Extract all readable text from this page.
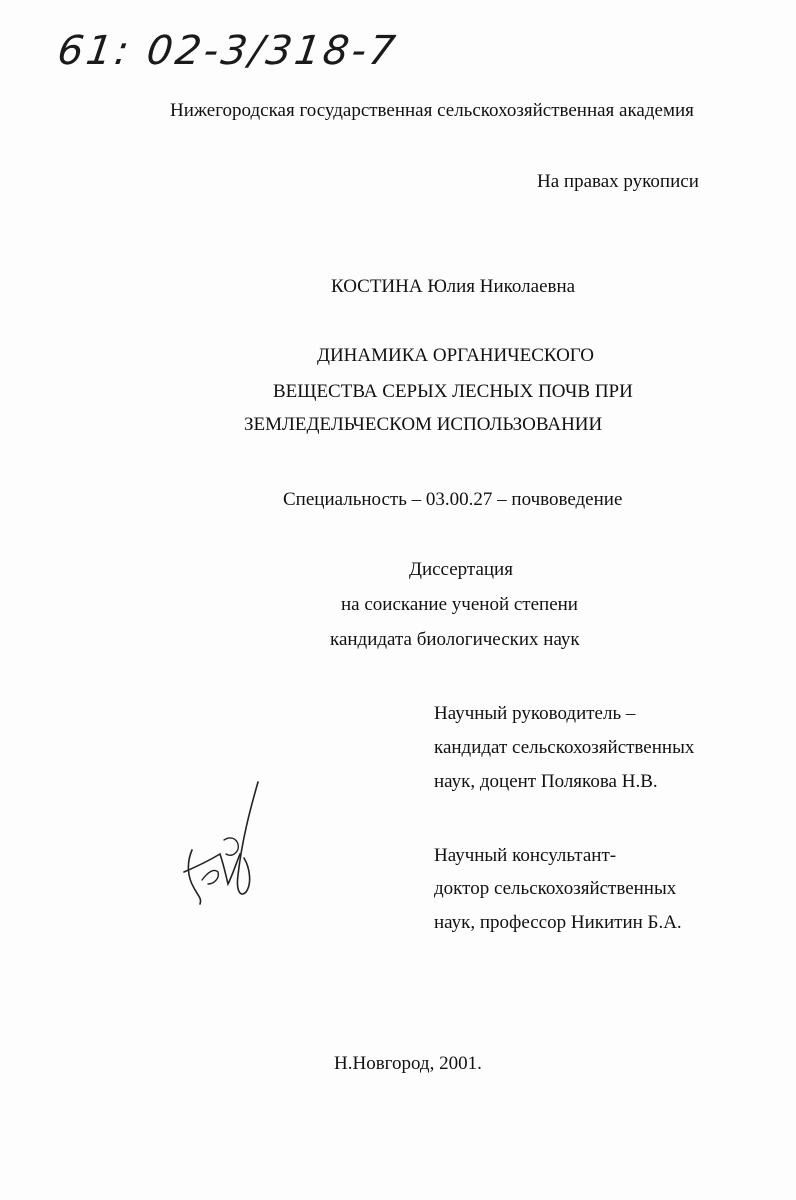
61: 02-3/318-7
Нижегородская государственная сельскохозяйственная академия
На правах рукописи
КОСТИНА Юлия Николаевна
ДИНАМИКА ОРГАНИЧЕСКОГО
ВЕЩЕСТВА СЕРЫХ ЛЕСНЫХ ПОЧВ ПРИ
ЗЕМЛЕДЕЛЬЧЕСКОМ ИСПОЛЬЗОВАНИИ
Специальность – 03.00.27 – почвоведение
Диссертация
на соискание ученой степени
кандидата биологических наук
Научный руководитель –
кандидат сельскохозяйственных
наук, доцент Полякова Н.В.
Научный консультант-
доктор сельскохозяйственных
наук, профессор Никитин Б.А.
Н.Новгород, 2001.
